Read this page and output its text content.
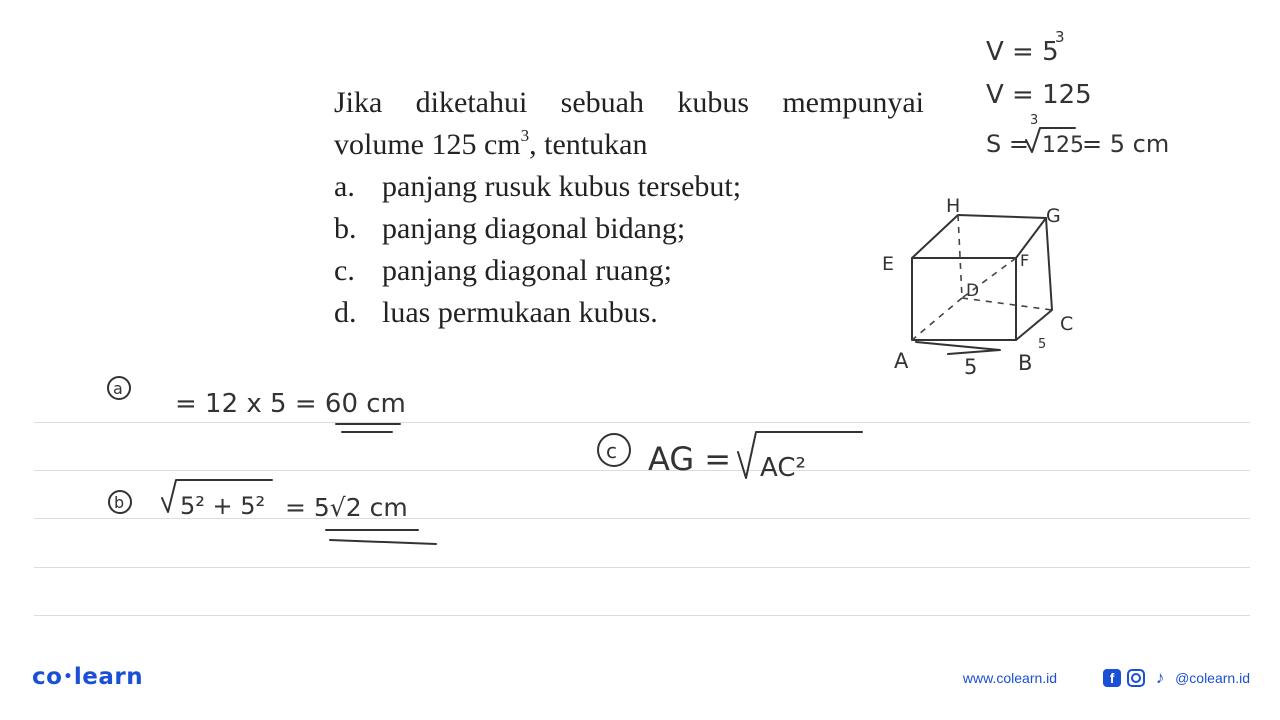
Jika diketahui sebuah kubus mempunyai
volume 125 $cm^3$, tentukan
a. panjang rusuk kubus tersebut;
b. panjang diagonal bidang;
c. panjang diagonal ruang;
d. luas permukaan kubus.
V = 5
3
V = 125
S =
3
125
= 5 cm
H	G
E	F
D
C
A	B
5
5
a
= 12 x 5 = 60 cm
b 5² + 5² = 5√2 cm
c AG = AC²
co•learn	www.colearn.id	f	♪ @colearn.id
